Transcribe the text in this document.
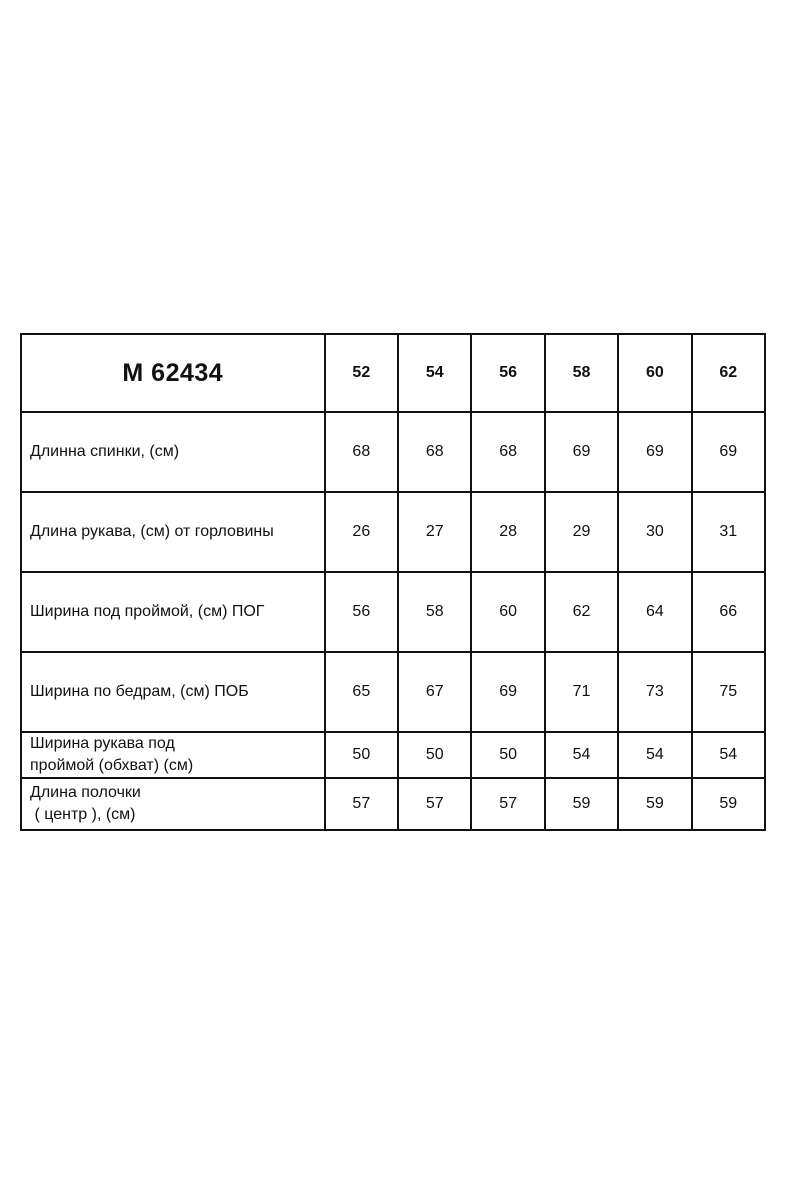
М 62434	52	54	56	58	60	62
Длинна спинки, (см)	68	68	68	69	69	69
Длина рукава, (см) от горловины	26	27	28	29	30	31
Ширина под проймой, (см) ПОГ	56	58	60	62	64	66
Ширина по бедрам, (см) ПОБ	65	67	69	71	73	75
Ширина рукава под
проймой (обхват) (см)	50	50	50	54	54	54
Длина полочки
( центр ), (см)	57	57	57	59	59	59
